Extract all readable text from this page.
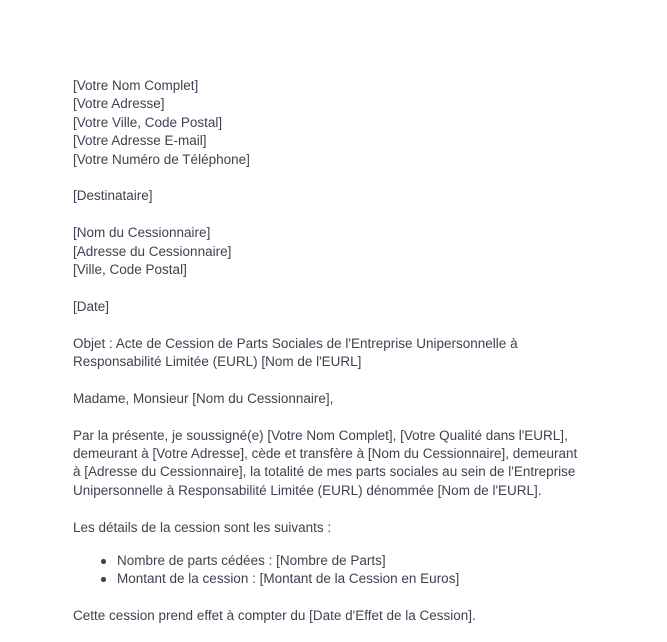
[Votre Nom Complet]
[Votre Adresse]
[Votre Ville, Code Postal]
[Votre Adresse E-mail]
[Votre Numéro de Téléphone]
[Destinataire]
[Nom du Cessionnaire]
[Adresse du Cessionnaire]
[Ville, Code Postal]
[Date]
Objet : Acte de Cession de Parts Sociales de l'Entreprise Unipersonnelle à
Responsabilité Limitée (EURL) [Nom de l'EURL]
Madame, Monsieur [Nom du Cessionnaire],
Par la présente, je soussigné(e) [Votre Nom Complet], [Votre Qualité dans l'EURL],
demeurant à [Votre Adresse], cède et transfère à [Nom du Cessionnaire], demeurant
à [Adresse du Cessionnaire], la totalité de mes parts sociales au sein de l'Entreprise
Unipersonnelle à Responsabilité Limitée (EURL) dénommée [Nom de l'EURL].
Les détails de la cession sont les suivants :
Nombre de parts cédées : [Nombre de Parts]
Montant de la cession : [Montant de la Cession en Euros]
Cette cession prend effet à compter du [Date d'Effet de la Cession].
